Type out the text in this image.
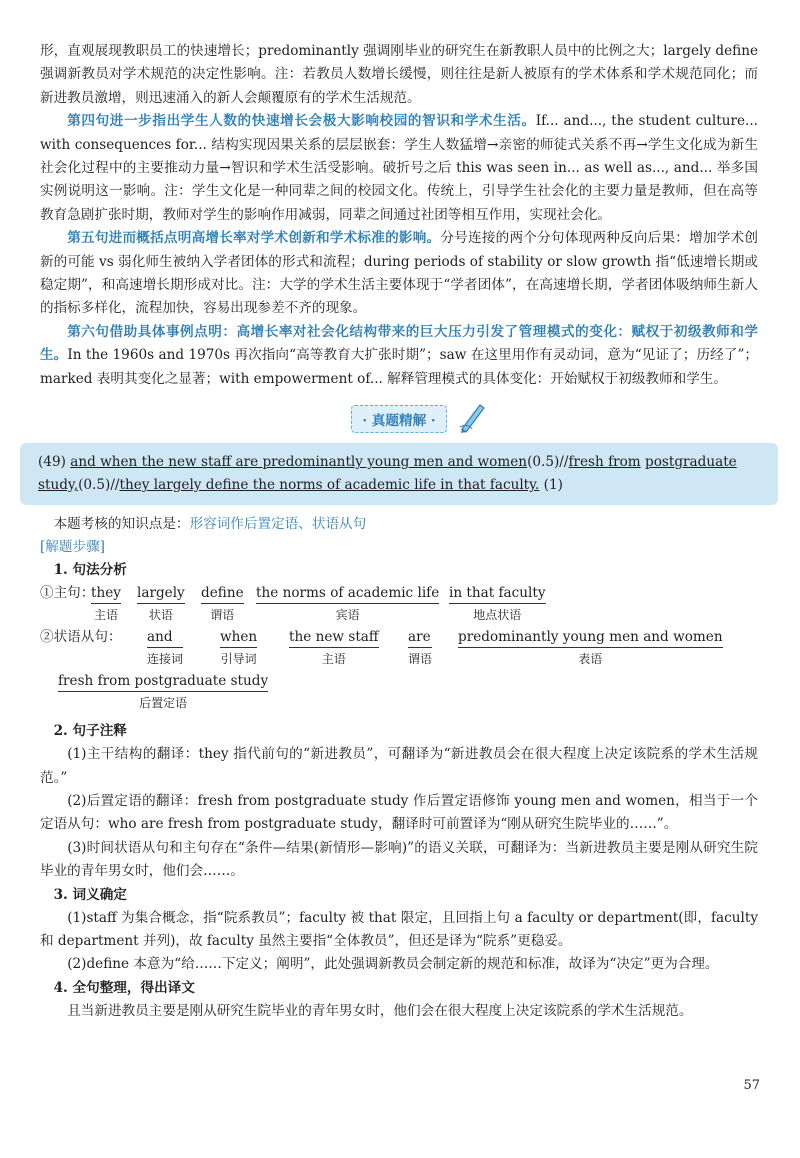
形，直观展现教职员工的快速增长；predominantly 强调刚毕业的研究生在新教职人员中的比例之大；largely define 强调新教员对学术规范的决定性影响。注：若教员人数增长缓慢，则往往是新人被原有的学术体系和学术规范同化；而新进教员激增，则迅速涌入的新人会颠覆原有的学术生活规范。

第四句进一步指出学生人数的快速增长会极大影响校园的智识和学术生活。If... and..., the student culture... with consequences for... 结构实现因果关系的层层嵌套：学生人数猛增→亲密的师徒式关系不再→学生文化成为新生社会化过程中的主要推动力量→智识和学术生活受影响。破折号之后 this was seen in... as well as..., and... 举多国实例说明这一影响。注：学生文化是一种同辈之间的校园文化。传统上，引导学生社会化的主要力量是教师，但在高等教育急剧扩张时期，教师对学生的影响作用减弱，同辈之间通过社团等相互作用，实现社会化。

第五句进而概括点明高增长率对学术创新和学术标准的影响。分号连接的两个分句体现两种反向后果：增加学术创新的可能 vs 弱化师生被纳入学者团体的形式和流程；during periods of stability or slow growth 指“低速增长期或稳定期”，和高速增长期形成对比。注：大学的学术生活主要体现于“学者团体”，在高速增长期，学者团体吸纳师生新人的指标多样化，流程加快，容易出现参差不齐的现象。

第六句借助具体事例点明：高增长率对社会化结构带来的巨大压力引发了管理模式的变化：赋权于初级教师和学生。In the 1960s and 1970s 再次指向“高等教育大扩张时期”；saw 在这里用作有灵动词，意为“见证了；历经了”；marked 表明其变化之显著；with empowerment of... 解释管理模式的具体变化：开始赋权于初级教师和学生。

· 真题精解 ·
(49) and when the new staff are predominantly young men and women(0.5)//fresh from postgraduate study,(0.5)//they largely define the norms of academic life in that faculty. (1)

本题考核的知识点是：形容词作后置定语、状语从句

[解题步骤]

1. 句法分析

①主句：
they
主语
largely
状语
define
谓语
the norms of academic life
宾语
in that faculty
地点状语
②状语从句： and
连接词
when
引导词
the new staff
主语
are
谓语
predominantly young men and women
表语
fresh from postgraduate study
后置定语

2. 句子注释

(1)主干结构的翻译：they 指代前句的“新进教员”，可翻译为“新进教员会在很大程度上决定该院系的学术生活规范。”

(2)后置定语的翻译：fresh from postgraduate study 作后置定语修饰 young men and women，相当于一个定语从句：who are fresh from postgraduate study，翻译时可前置译为“刚从研究生院毕业的……”。

(3)时间状语从句和主句存在“条件—结果(新情形—影响)”的语义关联，可翻译为：当新进教员主要是刚从研究生院毕业的青年男女时，他们会……。

3. 词义确定

(1)staff 为集合概念，指“院系教员”；faculty 被 that 限定，且回指上句 a faculty or department(即，faculty 和 department 并列)，故 faculty 虽然主要指“全体教员”，但还是译为“院系”更稳妥。

(2)define 本意为“给……下定义；阐明”，此处强调新教员会制定新的规范和标准，故译为“决定”更为合理。

4. 全句整理，得出译文

且当新进教员主要是刚从研究生院毕业的青年男女时，他们会在很大程度上决定该院系的学术生活规范。

57
